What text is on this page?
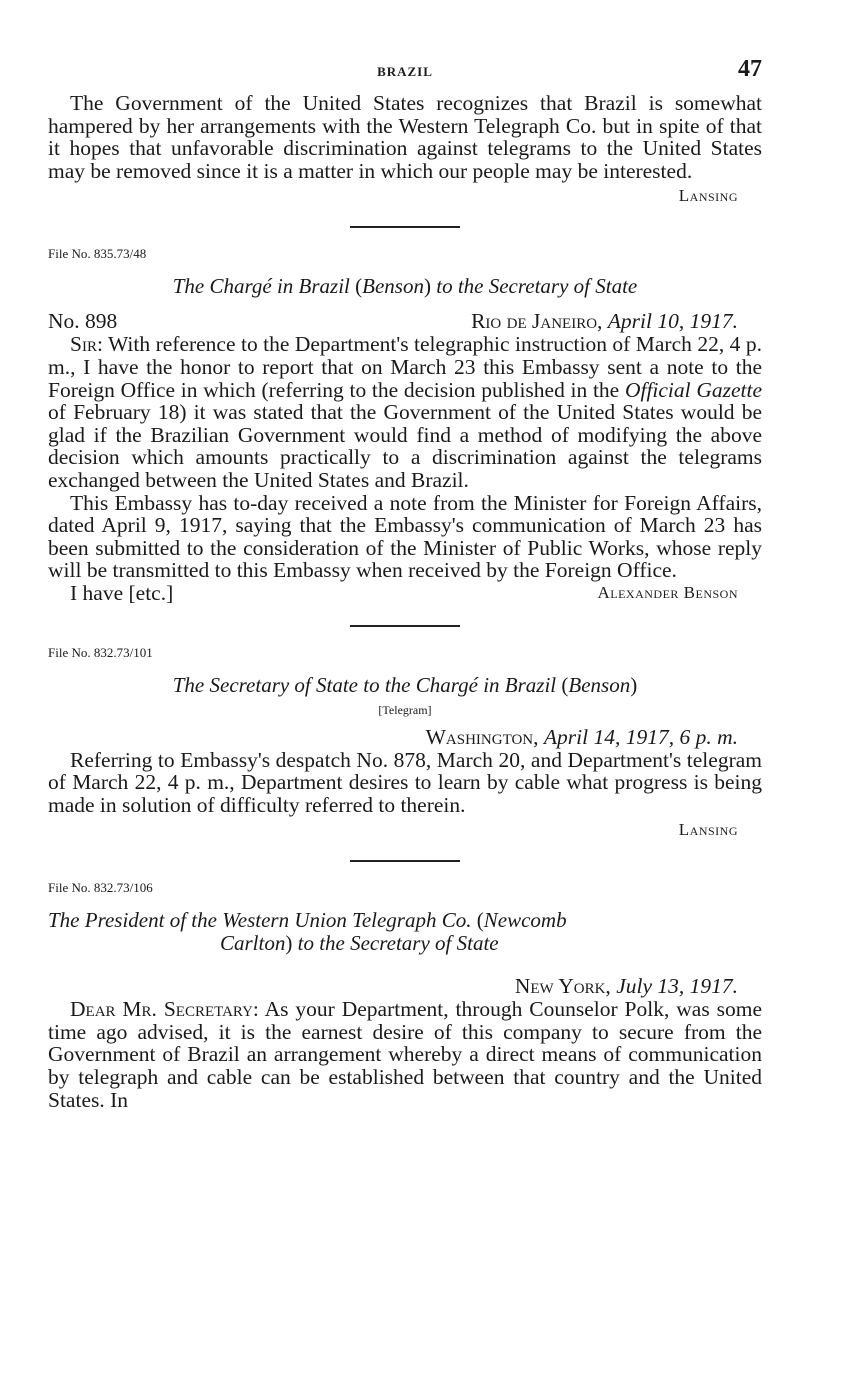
BRAZIL	47

The Government of the United States recognizes that Brazil is somewhat hampered by her arrangements with the Western Telegraph Co. but in spite of that it hopes that unfavorable discrimination against telegrams to the United States may be removed since it is a matter in which our people may be interested.

Lansing
File No. 835.73/48
The Chargé in Brazil (Benson) to the Secretary of State
No. 898	Rio de Janeiro, April 10, 1917.

Sir: With reference to the Department's telegraphic instruction of March 22, 4 p. m., I have the honor to report that on March 23 this Embassy sent a note to the Foreign Office in which (referring to the decision published in the Official Gazette of February 18) it was stated that the Government of the United States would be glad if the Brazilian Government would find a method of modifying the above decision which amounts practically to a discrimination against the telegrams exchanged between the United States and Brazil.

This Embassy has to-day received a note from the Minister for Foreign Affairs, dated April 9, 1917, saying that the Embassy's communication of March 23 has been submitted to the consideration of the Minister of Public Works, whose reply will be transmitted to this Embassy when received by the Foreign Office.

I have [etc.]	Alexander Benson
File No. 832.73/101
The Secretary of State to the Chargé in Brazil (Benson)
[Telegram]
Washington, April 14, 1917, 6 p. m.

Referring to Embassy's despatch No. 878, March 20, and Department's telegram of March 22, 4 p. m., Department desires to learn by cable what progress is being made in solution of difficulty referred to therein.

Lansing
File No. 832.73/106
The President of the Western Union Telegraph Co. (Newcomb
Carlton) to the Secretary of State
New York, July 13, 1917.

Dear Mr. Secretary: As your Department, through Counselor Polk, was some time ago advised, it is the earnest desire of this company to secure from the Government of Brazil an arrangement whereby a direct means of communication by telegraph and cable can be established between that country and the United States. In
